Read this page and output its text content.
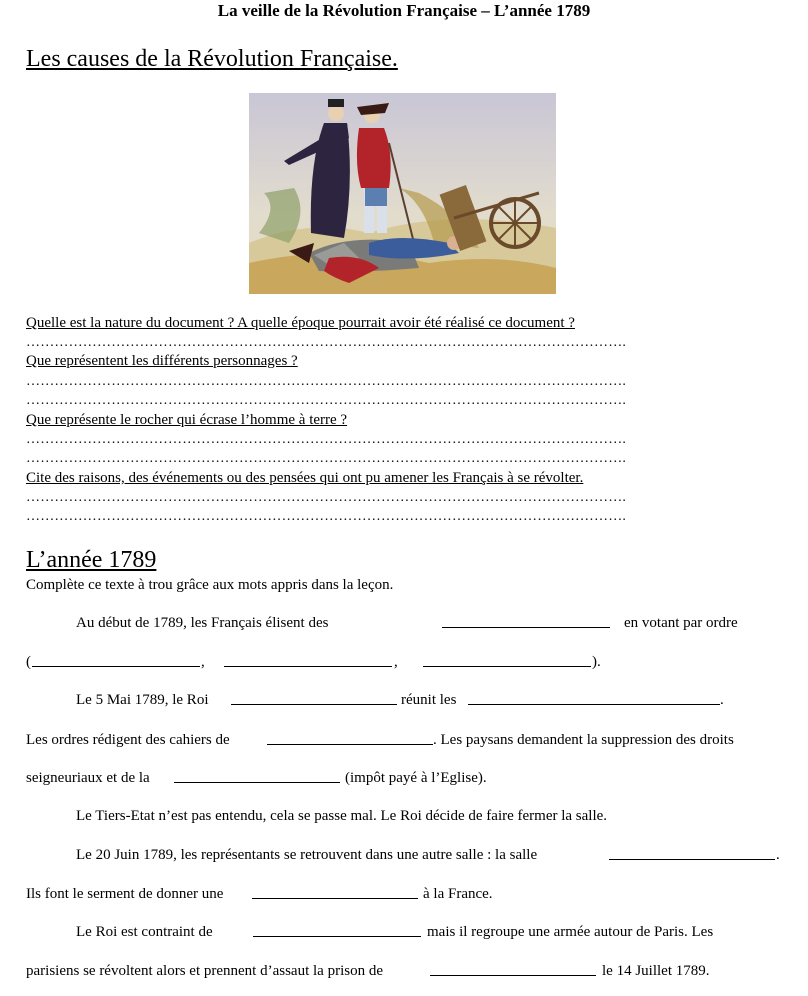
La veille de la Révolution Française – L’année 1789
Les causes de la Révolution Française.
Quelle est la nature du document ? A quelle époque pourrait avoir été réalisé ce document ?
……………………………………………………………………………………………………………….
Que représentent les différents personnages ?
……………………………………………………………………………………………………………….
……………………………………………………………………………………………………………….
Que représente le rocher qui écrase l’homme à terre ?
……………………………………………………………………………………………………………….
……………………………………………………………………………………………………………….
Cite des raisons, des événements ou des pensées qui ont pu amener les Français à se révolter.
……………………………………………………………………………………………………………….
……………………………………………………………………………………………………………….
L’année 1789
Complète ce texte à trou grâce aux mots appris dans la leçon.
Au début de 1789, les Français élisent des	en votant par ordre
(	,	,	).
Le 5 Mai 1789, le Roi	réunit les	.
Les ordres rédigent des cahiers de	. Les paysans demandent la suppression des droits
seigneuriaux et de la	(impôt payé à l’Eglise).
Le Tiers-Etat n’est pas entendu, cela se passe mal. Le Roi décide de faire fermer la salle.
Le 20 Juin 1789, les représentants se retrouvent dans une autre salle : la salle	.
Ils font le serment de donner une	à la France.
Le Roi est contraint de	mais il regroupe une armée autour de Paris. Les
parisiens se révoltent alors et prennent d’assaut la prison de	le 14 Juillet 1789.
